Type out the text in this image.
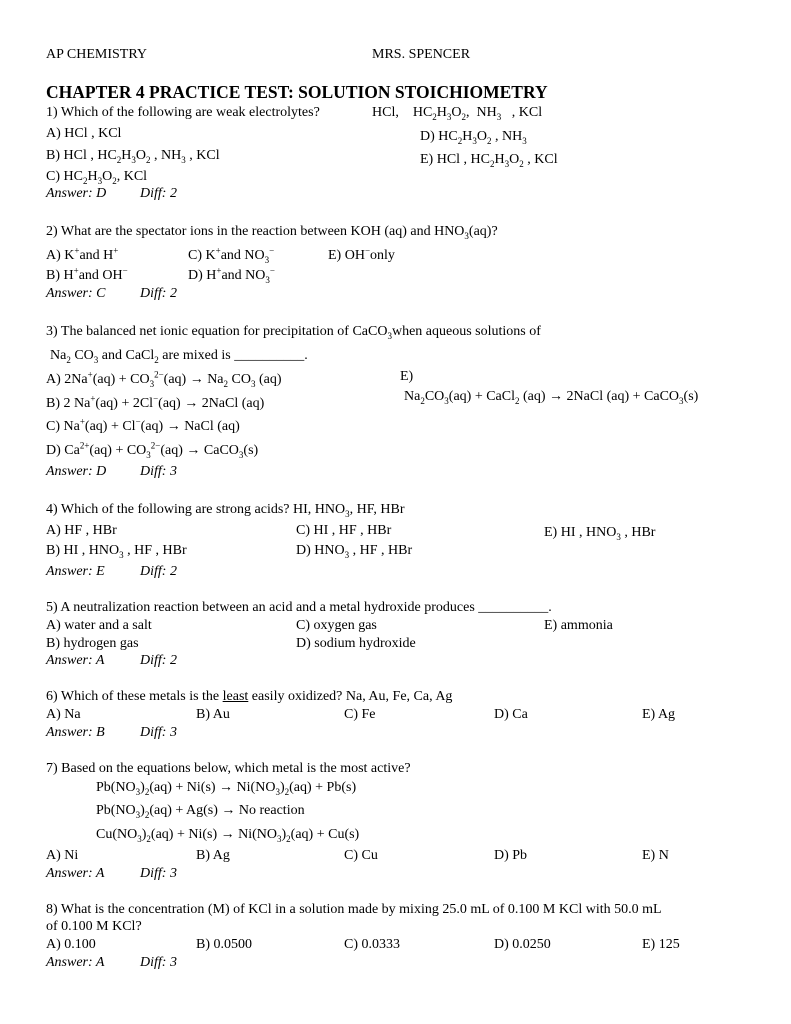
AP CHEMISTRY	MRS. SPENCER
CHAPTER 4 PRACTICE TEST: SOLUTION STOICHIOMETRY
1) Which of the following are weak electrolytes?	HCl, $HC_2H_3O_2$, $NH_3$ , KCl
A) HCl , KCl	D) $HC_2H_3O_2$ , $NH_3$
B) HCl , $HC_2H_3O_2$ , $NH_3$ , KCl	E) HCl , $HC_2H_3O_2$ , KCl
C) $HC_2H_3O_2$, KCl
Answer: D Diff: 2
2) What are the spectator ions in the reaction between KOH (aq) and $HNO_3(aq)$?
A) K+and H+	C) K+and $NO_3^-$	E) OH−only
B) H+and OH−	D) H+and $NO_3^-$
Answer: C Diff: 2
3) The balanced net ionic equation for precipitation of CaCO$_3$when aqueous solutions of
$Na_2$ $CO_3$ and CaCl$_2$ are mixed is __________.
A) $2Na^+(aq) + CO_3^{2-}(aq) \to Na_2$ $CO_3$ (aq)	E)
$Na_2CO_3(aq)$ + CaCl$_2$ (aq) → 2NaCl (aq) + CaCO$_3$(s)
B) 2 Na+(aq) + 2Cl−(aq) → 2NaCl (aq)
C) Na+(aq) + Cl−(aq) → NaCl (aq)
D) $Ca^{2+}(aq) + CO_3^{2-}(aq)$ → CaCO$_3$(s)
Answer: D Diff: 3
4) Which of the following are strong acids? HI, $HNO_3$, HF, HBr
A) HF , HBr	C) HI , HF , HBr	E) HI , $HNO_3$ , HBr
B) HI , $HNO_3$ , HF , HBr	D) $HNO_3$ , HF , HBr
Answer: E	Diff: 2
5) A neutralization reaction between an acid and a metal hydroxide produces __________.
A) water and a salt	C) oxygen gas	E) ammonia
B) hydrogen gas	D) sodium hydroxide
Answer: A	Diff: 2
6) Which of these metals is the least easily oxidized? Na, Au, Fe, Ca, Ag
A) Na	B) Au	C) Fe	D) Ca	E) Ag
Answer: B	Diff: 3
7) Based on the equations below, which metal is the most active?
$Pb(NO_3)_2(aq) + Ni(s) \to Ni(NO_3)_2(aq) + Pb(s)$
$Pb(NO_3)_2(aq) + Ag(s) \to No$ reaction
$Cu(NO_3)_2(aq) + Ni(s) \to Ni(NO_3)_2(aq) + Cu(s)$
A) Ni	B) Ag	C) Cu	D) Pb	E) N
Answer: A	Diff: 3
8) What is the concentration (M) of KCl in a solution made by mixing 25.0 mL of 0.100 M KCl with 50.0 mL
of 0.100 M KCl?
A) 0.100	B) 0.0500	C) 0.0333	D) 0.0250	E) 125
Answer: A	Diff: 3
